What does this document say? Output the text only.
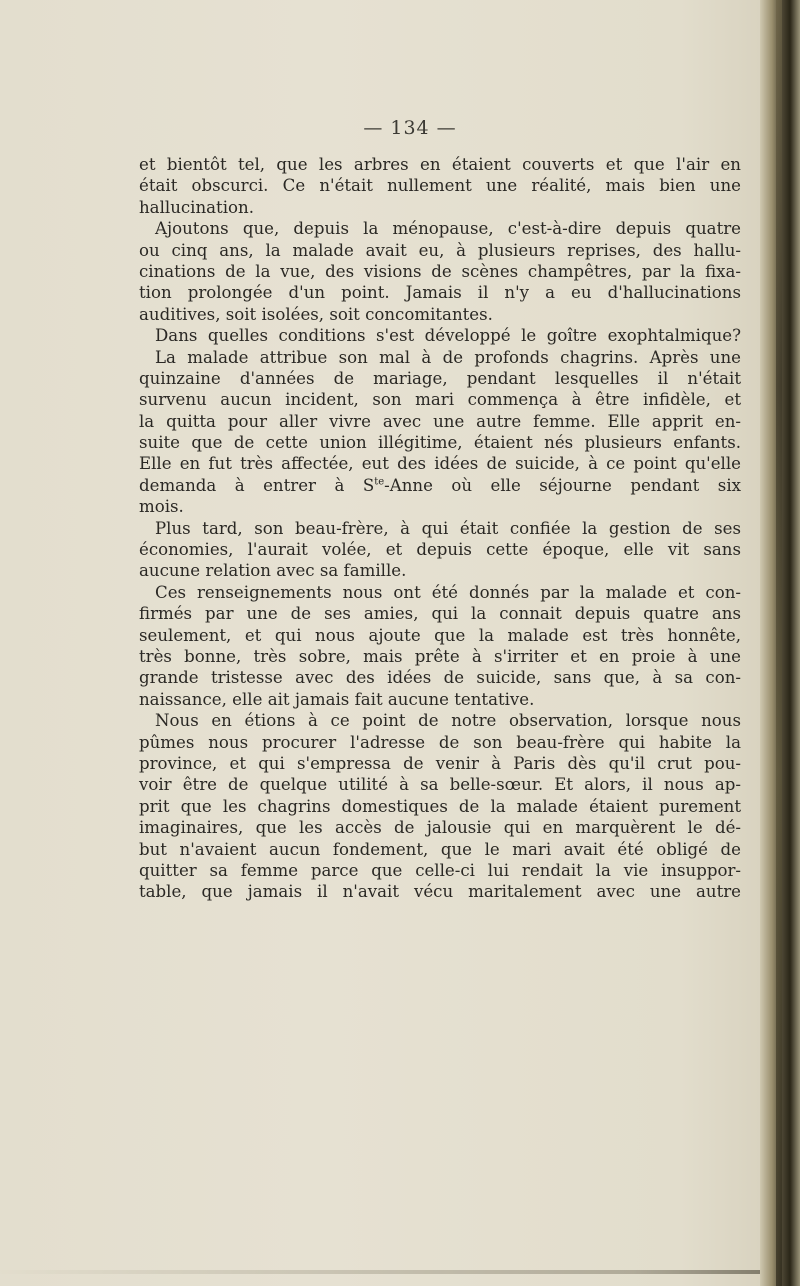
— 134 —
et bientôt tel, que les arbres en étaient couverts et que l'air en
était obscurci. Ce n'était nullement une réalité, mais bien une
hallucination.
Ajoutons que, depuis la ménopause, c'est-à-dire depuis quatre
ou cinq ans, la malade avait eu, à plusieurs reprises, des hallu-
cinations de la vue, des visions de scènes champêtres, par la fixa-
tion prolongée d'un point. Jamais il n'y a eu d'hallucinations
auditives, soit isolées, soit concomitantes.
Dans quelles conditions s'est développé le goître exophtalmique?
La malade attribue son mal à de profonds chagrins. Après une
quinzaine d'années de mariage, pendant lesquelles il n'était
survenu aucun incident, son mari commença à être infidèle, et
la quitta pour aller vivre avec une autre femme. Elle apprit en-
suite que de cette union illégitime, étaient nés plusieurs enfants.
Elle en fut très affectée, eut des idées de suicide, à ce point qu'elle
demanda à entrer à $S^{te}$-Anne où elle séjourne pendant six
mois.
Plus tard, son beau-frère, à qui était confiée la gestion de ses
économies, l'aurait volée, et depuis cette époque, elle vit sans
aucune relation avec sa famille.
Ces renseignements nous ont été donnés par la malade et con-
firmés par une de ses amies, qui la connait depuis quatre ans
seulement, et qui nous ajoute que la malade est très honnête,
très bonne, très sobre, mais prête à s'irriter et en proie à une
grande tristesse avec des idées de suicide, sans que, à sa con-
naissance, elle ait jamais fait aucune tentative.
Nous en étions à ce point de notre observation, lorsque nous
pûmes nous procurer l'adresse de son beau-frère qui habite la
province, et qui s'empressa de venir à Paris dès qu'il crut pou-
voir être de quelque utilité à sa belle-sœur. Et alors, il nous ap-
prit que les chagrins domestiques de la malade étaient purement
imaginaires, que les accès de jalousie qui en marquèrent le dé-
but n'avaient aucun fondement, que le mari avait été obligé de
quitter sa femme parce que celle-ci lui rendait la vie insuppor-
table, que jamais il n'avait vécu maritalement avec une autre
